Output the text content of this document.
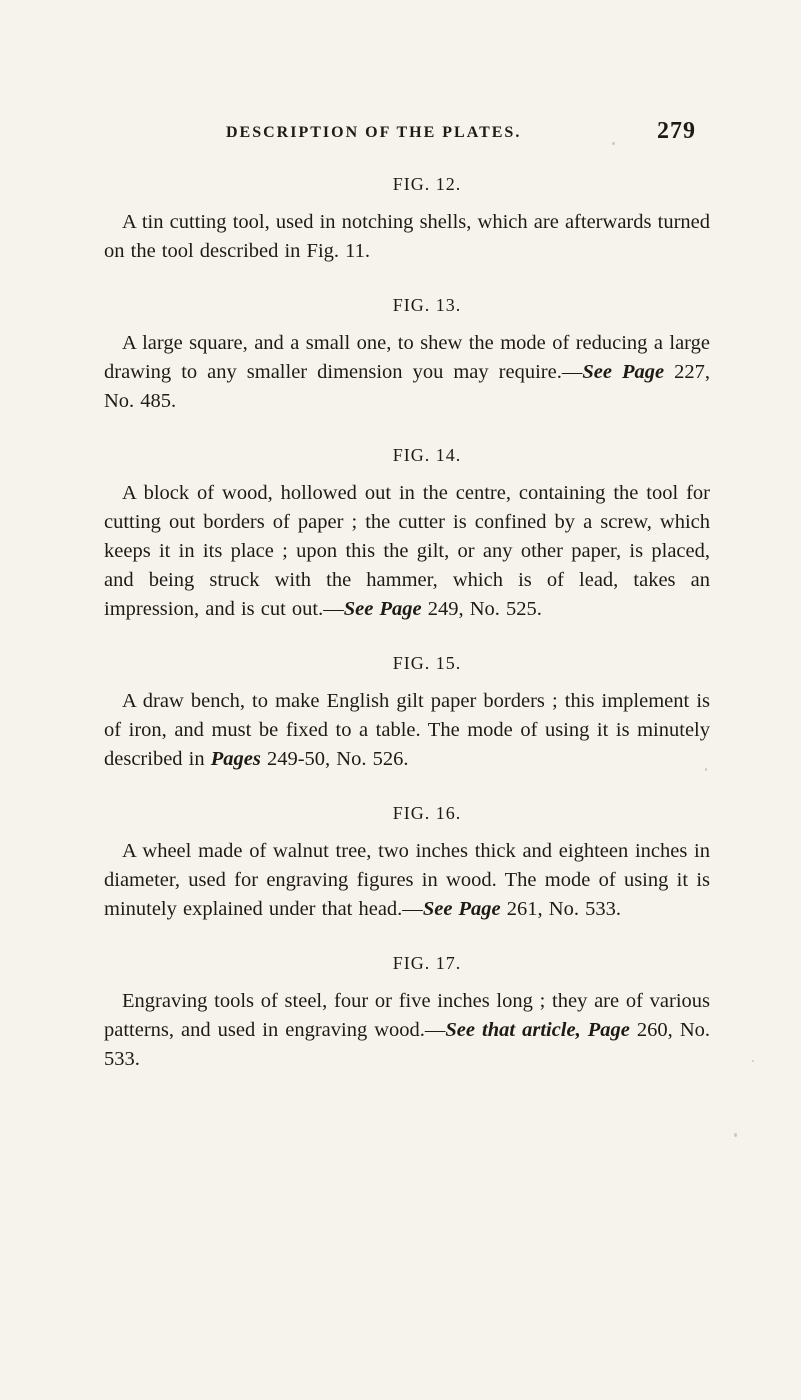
DESCRIPTION OF THE PLATES.	279
FIG. 12.

A tin cutting tool, used in notching shells, which are afterwards turned on the tool described in Fig. 11.

FIG. 13.

A large square, and a small one, to shew the mode of reducing a large drawing to any smaller dimension you may require.—See Page 227, No. 485.

FIG. 14.

A block of wood, hollowed out in the centre, containing the tool for cutting out borders of paper ; the cutter is confined by a screw, which keeps it in its place ; upon this the gilt, or any other paper, is placed, and being struck with the hammer, which is of lead, takes an impression, and is cut out.—See Page 249, No. 525.

FIG. 15.

A draw bench, to make English gilt paper borders ; this implement is of iron, and must be fixed to a table. The mode of using it is minutely described in Pages 249-50, No. 526.

FIG. 16.

A wheel made of walnut tree, two inches thick and eighteen inches in diameter, used for engraving figures in wood. The mode of using it is minutely explained under that head.—See Page 261, No. 533.

FIG. 17.

Engraving tools of steel, four or five inches long ; they are of various patterns, and used in engraving wood.—See that article, Page 260, No. 533.
